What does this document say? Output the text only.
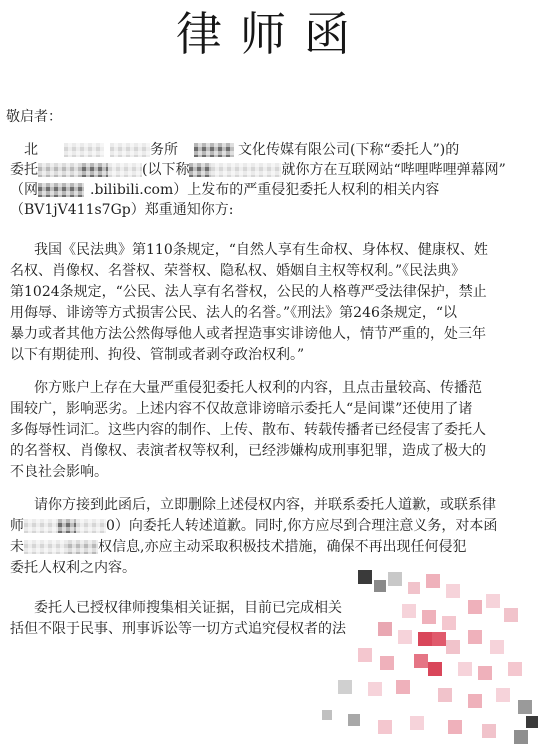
律师函
敬启者：
北	务所	文化传媒有限公司(下称“委托人”)的
委托	(以下称	就你方在互联网站“哔哩哔哩弹幕网”
（网	.bilibili.com）上发布的严重侵犯委托人权利的相关内容
（BV1jV411s7Gp）郑重通知你方:
我国《民法典》第110条规定，“自然人享有生命权、身体权、健康权、姓
名权、肖像权、名誉权、荣誉权、隐私权、婚姻自主权等权利。”《民法典》
第1024条规定，“公民、法人享有名誉权，公民的人格尊严受法律保护，禁止
用侮辱、诽谤等方式损害公民、法人的名誉。”《刑法》第246条规定，“以
暴力或者其他方法公然侮辱他人或者捏造事实诽谤他人，情节严重的，处三年
以下有期徒刑、拘役、管制或者剥夺政治权利。”
你方账户上存在大量严重侵犯委托人权利的内容，且点击量较高、传播范
围较广，影响恶劣。上述内容不仅故意诽谤暗示委托人“是间谍”还使用了诸
多侮辱性词汇。这些内容的制作、上传、散布、转载传播者已经侵害了委托人
的名誉权、肖像权、表演者权等权利，已经涉嫌构成刑事犯罪，造成了极大的
不良社会影响。
请你方接到此函后，立即删除上述侵权内容，并联系委托人道歉，或联系律
师	0）向委托人转述道歉。同时,你方应尽到合理注意义务，对本函
未	权信息,亦应主动采取积极技术措施，确保不再出现任何侵犯
委托人权利之内容。
委托人已授权律师搜集相关证据，目前已完成相关
括但不限于民事、刑事诉讼等一切方式追究侵权者的法
